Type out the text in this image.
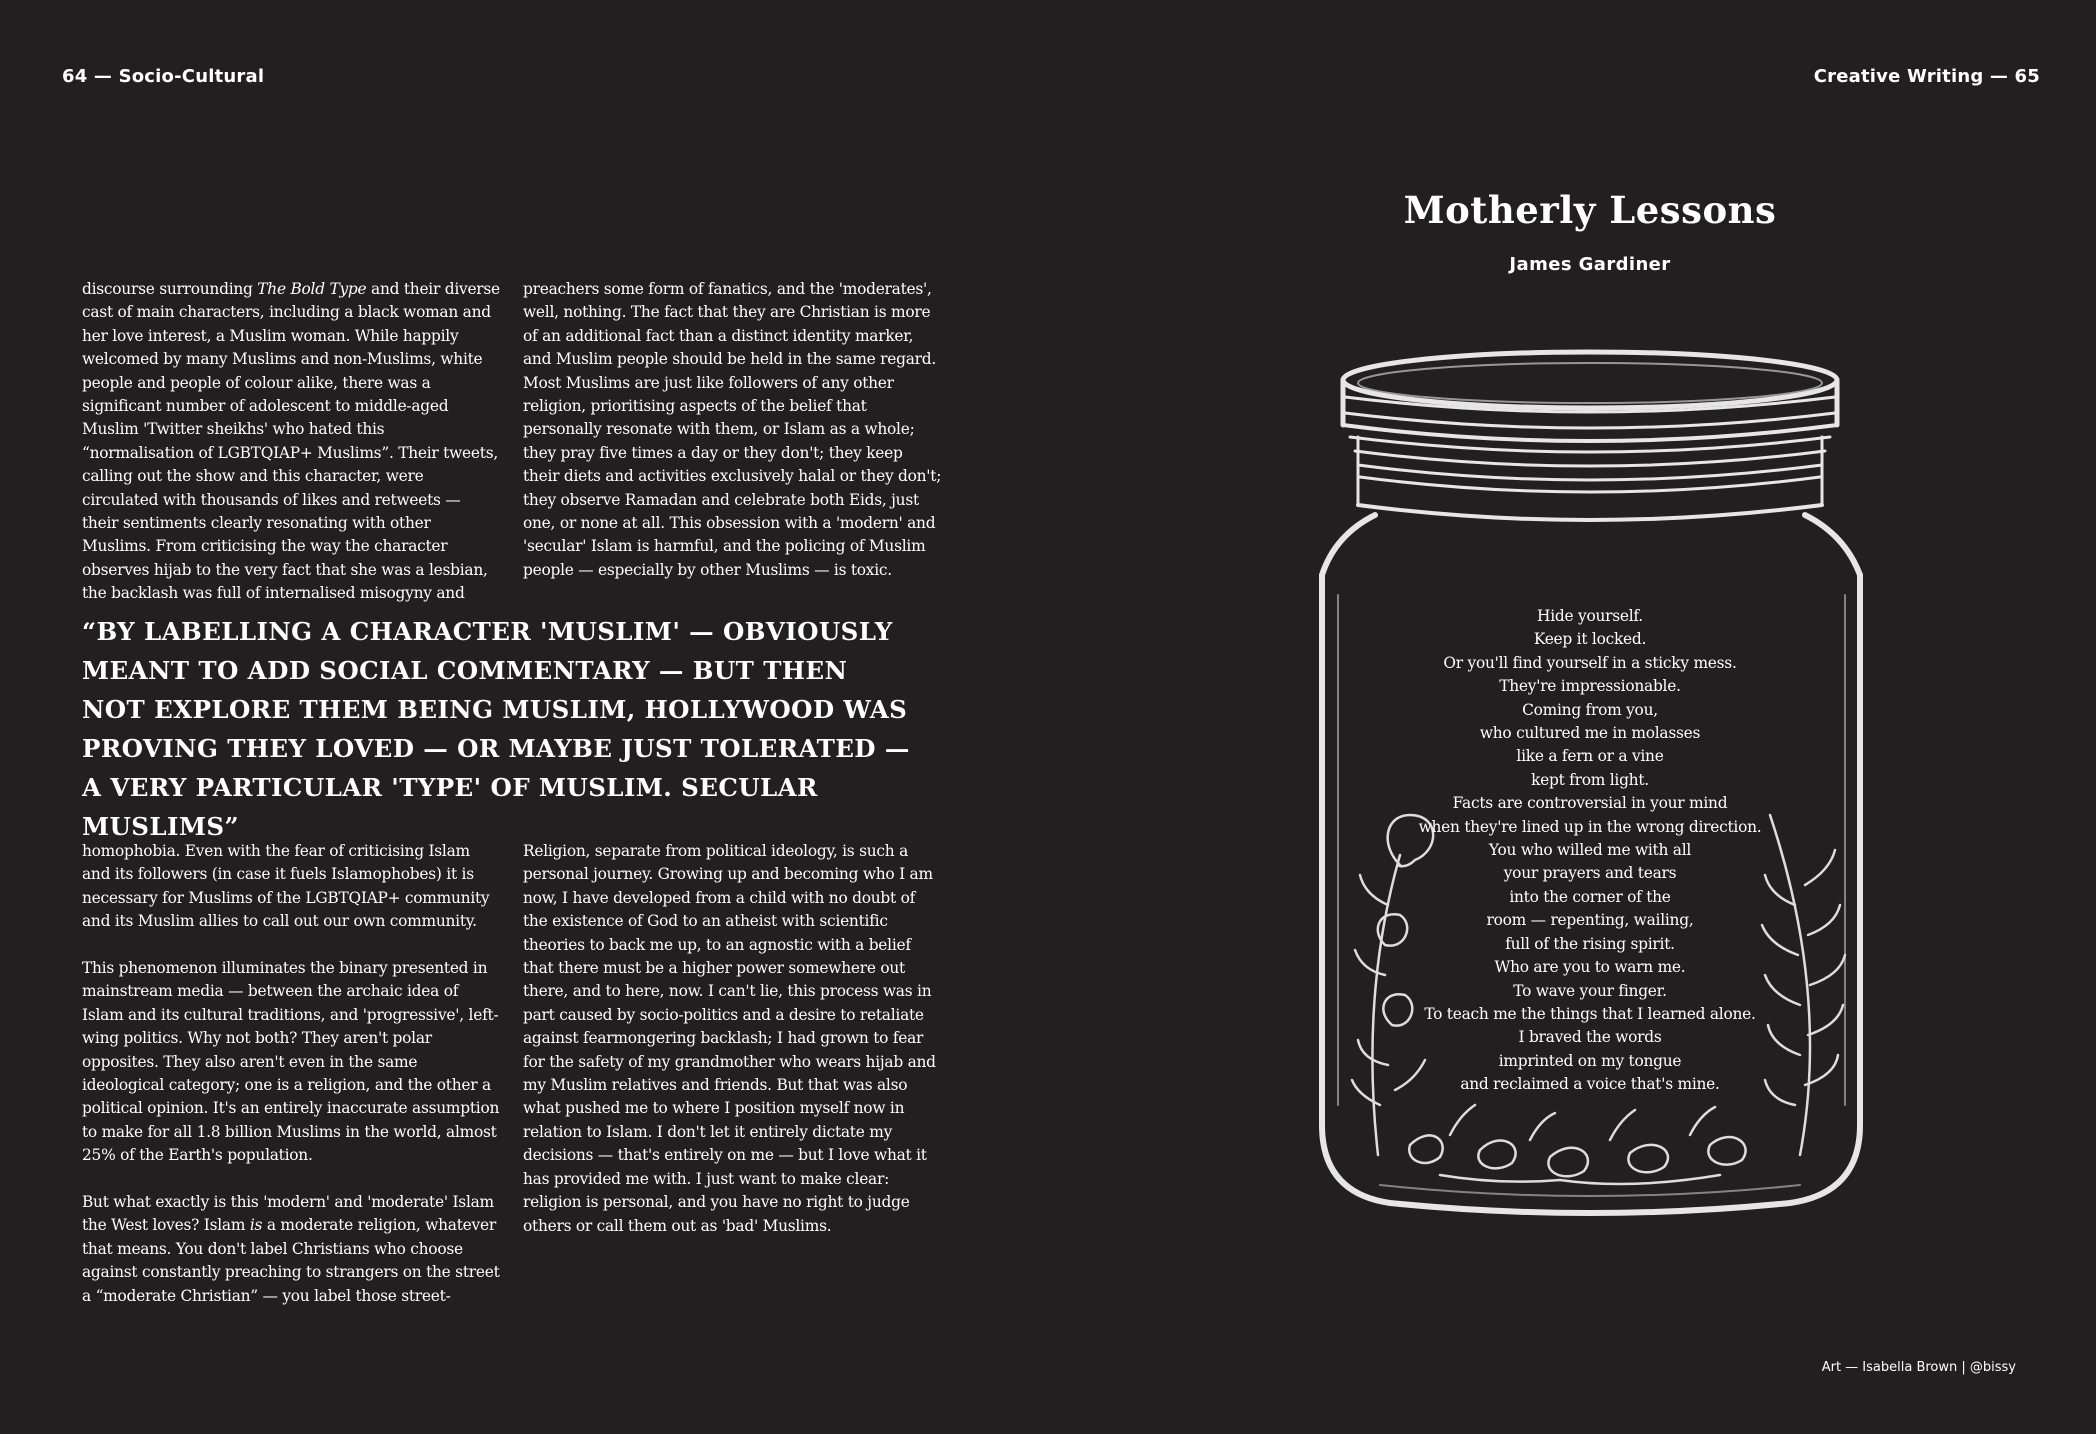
64 — Socio-Cultural	Creative Writing — 65

discourse surrounding The Bold Type and their diverse cast of main characters, including a black woman and her love interest, a Muslim woman. While happily welcomed by many Muslims and non-Muslims, white people and people of colour alike, there was a significant number of adolescent to middle-aged Muslim 'Twitter sheikhs' who hated this “normalisation of LGBTQIAP+ Muslims”. Their tweets, calling out the show and this character, were circulated with thousands of likes and retweets — their sentiments clearly resonating with other Muslims. From criticising the way the character observes hijab to the very fact that she was a lesbian, the backlash was full of internalised misogyny and

preachers some form of fanatics, and the 'moderates', well, nothing. The fact that they are Christian is more of an additional fact than a distinct identity marker, and Muslim people should be held in the same regard. Most Muslims are just like followers of any other religion, prioritising aspects of the belief that personally resonate with them, or Islam as a whole; they pray five times a day or they don't; they keep their diets and activities exclusively halal or they don't; they observe Ramadan and celebrate both Eids, just one, or none at all. This obsession with a 'modern' and 'secular' Islam is harmful, and the policing of Muslim people — especially by other Muslims — is toxic.

“BY LABELLING A CHARACTER 'MUSLIM' — OBVIOUSLY MEANT TO ADD SOCIAL COMMENTARY — BUT THEN NOT EXPLORE THEM BEING MUSLIM, HOLLYWOOD WAS PROVING THEY LOVED — OR MAYBE JUST TOLERATED — A VERY PARTICULAR 'TYPE' OF MUSLIM. SECULAR MUSLIMS”

homophobia. Even with the fear of criticising Islam and its followers (in case it fuels Islamophobes) it is necessary for Muslims of the LGBTQIAP+ community and its Muslim allies to call out our own community.

This phenomenon illuminates the binary presented in mainstream media — between the archaic idea of Islam and its cultural traditions, and 'progressive', left-wing politics. Why not both? They aren't polar opposites. They also aren't even in the same ideological category; one is a religion, and the other a political opinion. It's an entirely inaccurate assumption to make for all 1.8 billion Muslims in the world, almost 25% of the Earth's population.

But what exactly is this 'modern' and 'moderate' Islam the West loves? Islam is a moderate religion, whatever that means. You don't label Christians who choose against constantly preaching to strangers on the street a “moderate Christian” — you label those street-

Religion, separate from political ideology, is such a personal journey. Growing up and becoming who I am now, I have developed from a child with no doubt of the existence of God to an atheist with scientific theories to back me up, to an agnostic with a belief that there must be a higher power somewhere out there, and to here, now. I can't lie, this process was in part caused by socio-politics and a desire to retaliate against fearmongering backlash; I had grown to fear for the safety of my grandmother who wears hijab and my Muslim relatives and friends. But that was also what pushed me to where I position myself now in relation to Islam. I don't let it entirely dictate my decisions — that's entirely on me — but I love what it has provided me with. I just want to make clear: religion is personal, and you have no right to judge others or call them out as 'bad' Muslims.

Motherly Lessons
James Gardiner
Hide yourself.
Keep it locked.
Or you'll find yourself in a sticky mess.
They're impressionable.
Coming from you,
who cultured me in molasses
like a fern or a vine
kept from light.
Facts are controversial in your mind
when they're lined up in the wrong direction.
You who willed me with all
your prayers and tears
into the corner of the
room — repenting, wailing,
full of the rising spirit.
Who are you to warn me.
To wave your finger.
To teach me the things that I learned alone.
I braved the words
imprinted on my tongue
and reclaimed a voice that's mine.
Art — Isabella Brown | @bissy
